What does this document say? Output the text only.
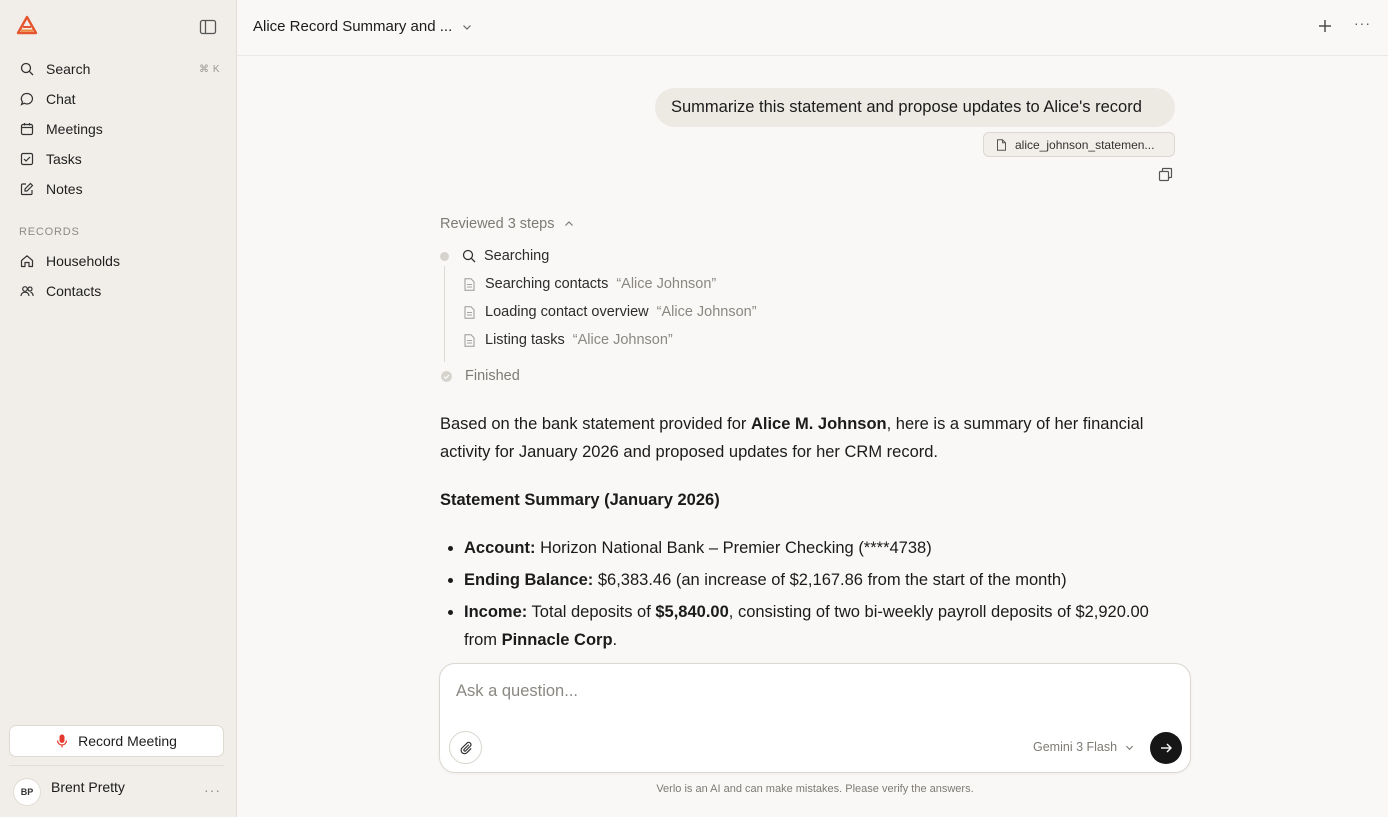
Search	⌘ K
Chat
Meetings
Tasks
Notes
RECORDS
Households
Contacts
Record Meeting
BP	Brent Pretty	···
Alice Record Summary and ...	···
Summarize this statement and propose updates to Alice's record
alice_johnson_statemen...
Reviewed 3 steps
Searching
Searching contacts “Alice Johnson”
Loading contact overview “Alice Johnson”
Listing tasks “Alice Johnson”
Finished

Based on the bank statement provided for Alice M. Johnson, here is a summary of her financial activity for January 2026 and proposed updates for her CRM record.

Statement Summary (January 2026)
• Account: Horizon National Bank – Premier Checking (****4738)
• Ending Balance: $6,383.46 (an increase of $2,167.86 from the start of the month)
• Income: Total deposits of $5,840.00, consisting of two bi-weekly payroll deposits of $2,920.00 from Pinnacle Corp.
Ask a question...
Gemini 3 Flash
Verlo is an AI and can make mistakes. Please verify the answers.
